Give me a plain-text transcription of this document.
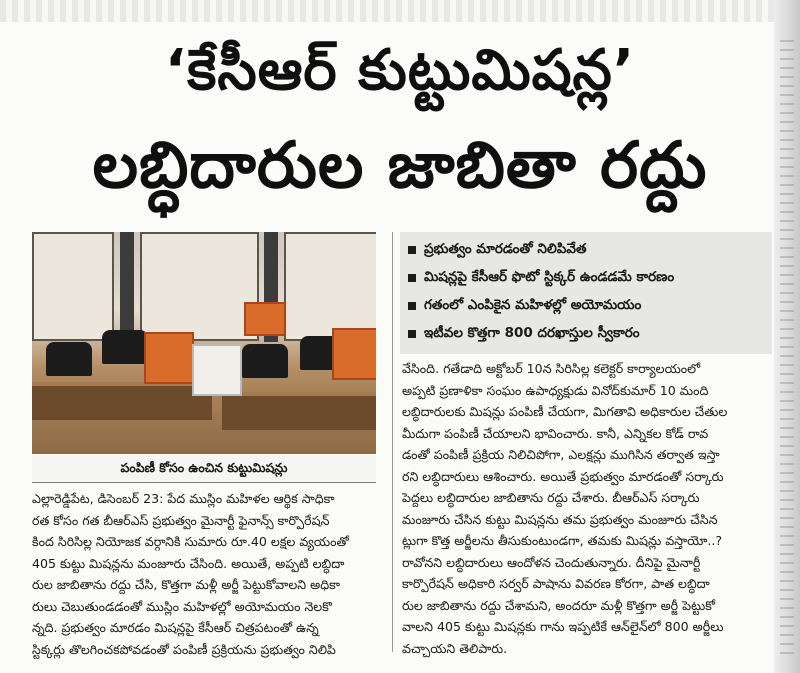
‘కేసీఆర్ కుట్టుమిషన్ల’
లబ్ధిదారుల జాబితా రద్దు
పంపిణీ కోసం ఉంచిన కుట్టుమిషన్లు
ప్రభుత్వం మారడంతో నిలిపివేత
మిషన్లపై కేసీఆర్ ఫొటో స్టిక్కర్ ఉండడమే కారణం
గతంలో ఎంపికైన మహిళల్లో అయోమయం
ఇటీవల కొత్తగా 800 దరఖాస్తుల స్వీకారం
ఎల్లారెడ్డిపేట, డిసెంబర్ 23: పేద ముస్లిం మహిళల ఆర్థిక సాధికా
రత కోసం గత బీఆర్ఎస్ ప్రభుత్వం మైనార్టీ ఫైనాన్స్ కార్పొరేషన్
కింద సిరిసిల్ల నియోజక వర్గానికి సుమారు రూ.40 లక్షల వ్యయంతో
405 కుట్టు మిషన్లను మంజూరు చేసింది. అయితే, అప్పటి లబ్ధిదా
రుల జాబితాను రద్దు చేసి, కొత్తగా మళ్లీ అర్జీ పెట్టుకోవాలని అధికా
రులు చెబుతుండడంతో ముస్లిం మహిళల్లో అయోమయం నెలకొ
న్నది. ప్రభుత్వం మారడం మిషన్లపై కేసీఆర్ చిత్రపటంతో ఉన్న
స్టిక్కర్లు తొలగించకపోవడంతో పంపిణీ ప్రక్రియను ప్రభుత్వం నిలిపి
వేసింది. గతేడాది అక్టోబర్ 10న సిరిసిల్ల కలెక్టర్ కార్యాలయంలో
అప్పటి ప్రణాళికా సంఘం ఉపాధ్యక్షుడు వినోద్‌కుమార్ 10 మంది
లబ్ధిదారులకు మిషన్లు పంపిణీ చేయగా, మిగతావి అధికారుల చేతుల
మీదుగా పంపిణీ చేయాలని భావించారు. కానీ, ఎన్నికల కోడ్ రావ
డంతో పంపిణీ ప్రక్రియ నిలిచిపోగా, ఎలక్షన్లు ముగిసిన తర్వాత ఇస్తా
రని లబ్ధిదారులు ఆశించారు. అయితే ప్రభుత్వం మారడంతో సర్కారు
పెద్దలు లబ్ధిదారుల జాబితాను రద్దు చేశారు. బీఆర్ఎస్ సర్కారు
మంజూరు చేసిన కుట్టు మిషన్లను తమ ప్రభుత్వం మంజూరు చేసిన
ట్లుగా కొత్త అర్జీలను తీసుకుంటుండగా, తమకు మిషన్లు వస్తాయో..?
రావోనని లబ్ధిదారులు ఆందోళన చెందుతున్నారు. దీనిపై మైనార్టీ
కార్పొరేషన్ అధికారి సర్వర్ పాషాను వివరణ కోరగా, పాత లబ్ధిదా
రుల జాబితాను రద్దు చేశామని, అందరూ మళ్లీ కొత్తగా అర్జీ పెట్టుకో
వాలని 405 కుట్టు మిషన్లకు గాను ఇప్పటికే ఆన్‌లైన్‌లో 800 అర్జీలు
వచ్చాయని తెలిపారు.
